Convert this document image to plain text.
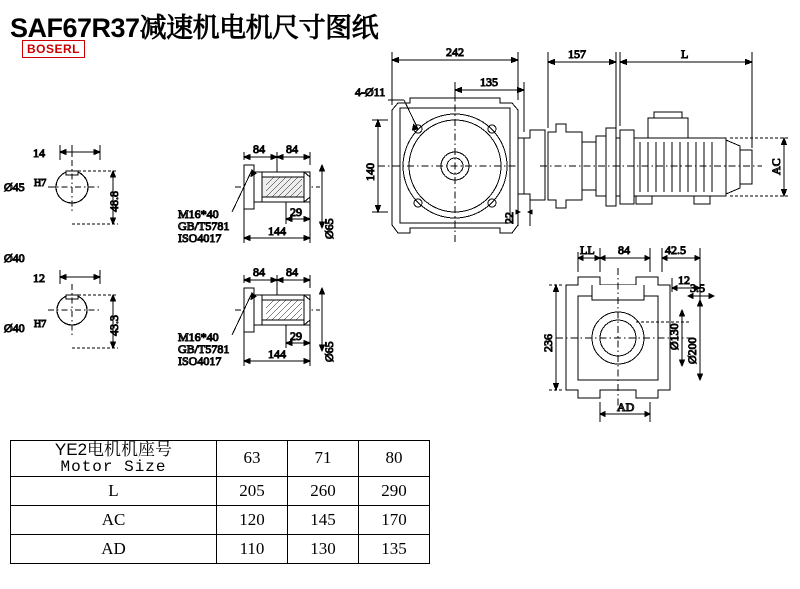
SAF67R37减速机电机尺寸图纸
BOSERL
14
Ø45 H7
48.8
Ø40
12
Ø40 H7	43.3
84 84
29
144	Ø65
M16*40
GB/T5781
ISO4017
84 84
29
144	Ø65
M16*40
GB/T5781
ISO4017
242
135
4-Ø11
140
22
157	L
AC
LL 84	42.5
12
3.5
236	Ø130
Ø200
AD
YE2电机机座号
Motor Size	63	71	80
L	205	260	290
AC	120	145	170
AD	110	130	135
